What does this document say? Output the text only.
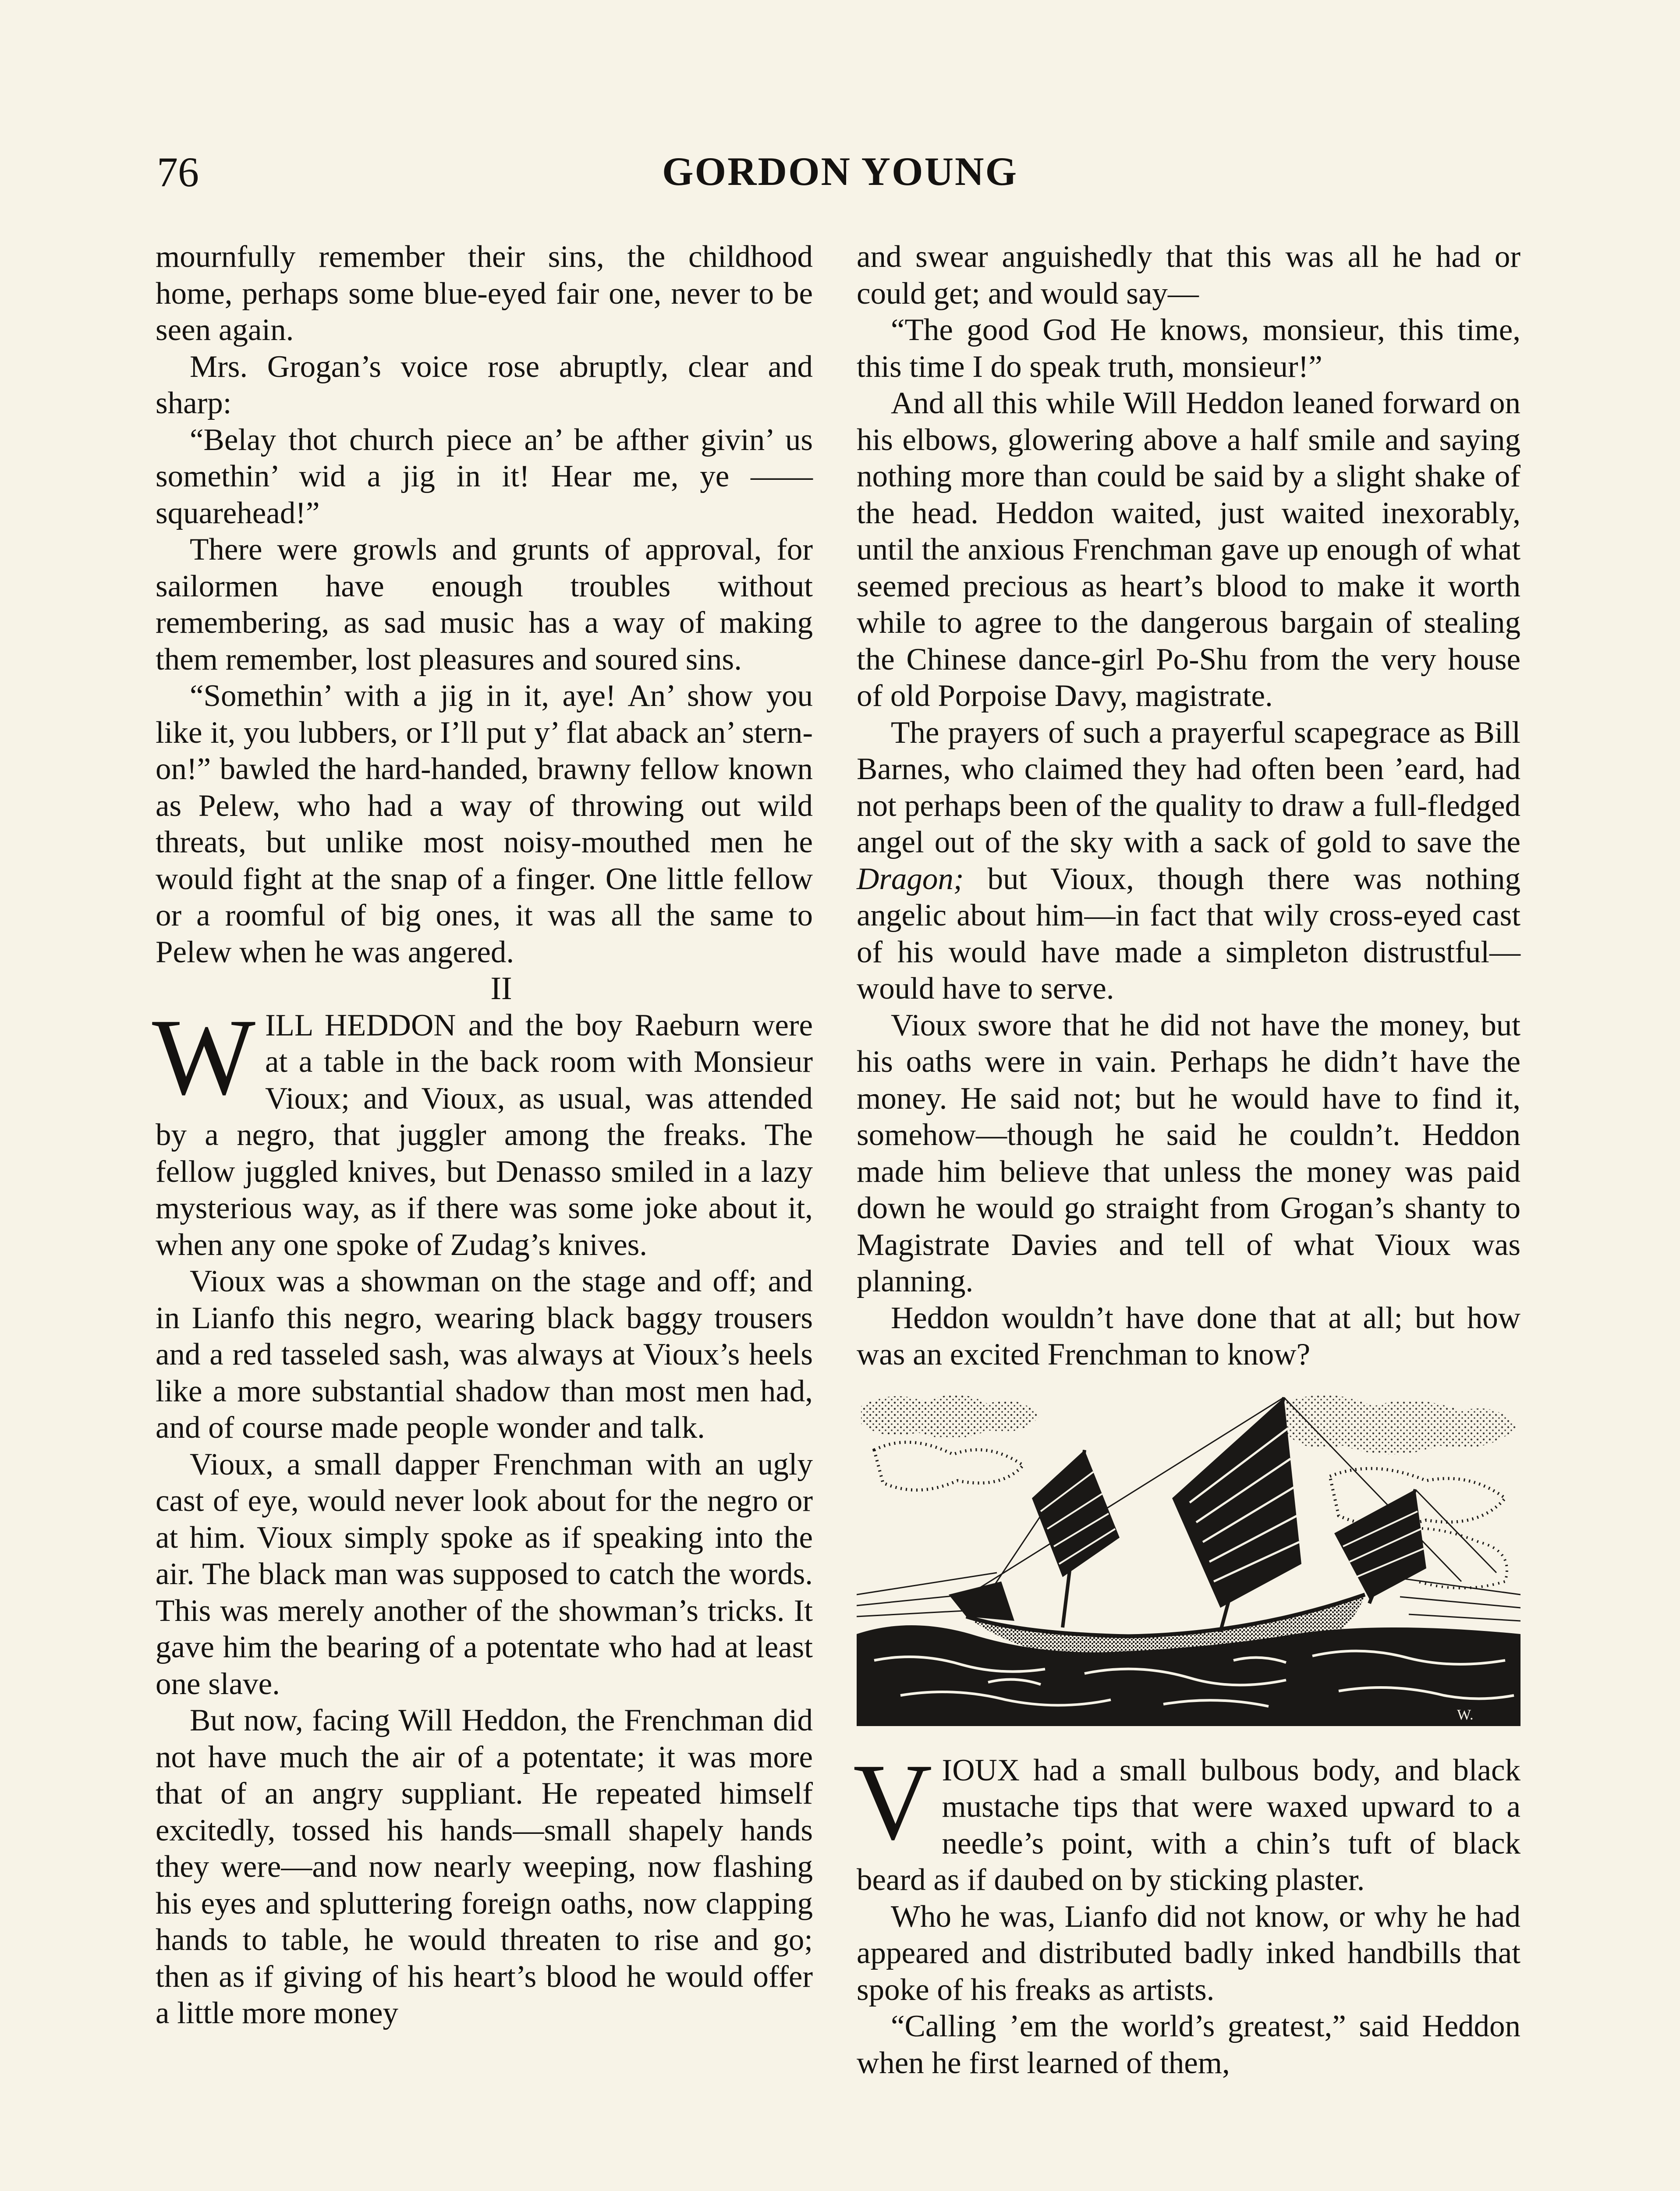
76	GORDON YOUNG

mournfully remember their sins, the childhood home, perhaps some blue-eyed fair one, never to be seen again.

Mrs. Grogan’s voice rose abruptly, clear and sharp:

“Belay thot church piece an’ be afther givin’ us somethin’ wid a jig in it! Hear me, ye —— squarehead!”

There were growls and grunts of approval, for sailormen have enough troubles without remembering, as sad music has a way of making them remember, lost pleasures and soured sins.

“Somethin’ with a jig in it, aye! An’ show you like it, you lubbers, or I’ll put y’ flat aback an’ stern-on!” bawled the hard-handed, brawny fellow known as Pelew, who had a way of throwing out wild threats, but unlike most noisy-mouthed men he would fight at the snap of a finger. One little fellow or a roomful of big ones, it was all the same to Pelew when he was angered.

II

WILL HEDDON and the boy Raeburn were at a table in the back room with Monsieur Vioux; and Vioux, as usual, was attended by a negro, that juggler among the freaks. The fellow juggled knives, but Denasso smiled in a lazy mysterious way, as if there was some joke about it, when any one spoke of Zudag’s knives.

Vioux was a showman on the stage and off; and in Lianfo this negro, wearing black baggy trousers and a red tasseled sash, was always at Vioux’s heels like a more substantial shadow than most men had, and of course made people wonder and talk.

Vioux, a small dapper Frenchman with an ugly cast of eye, would never look about for the negro or at him. Vioux simply spoke as if speaking into the air. The black man was supposed to catch the words. This was merely another of the showman’s tricks. It gave him the bearing of a potentate who had at least one slave.

But now, facing Will Heddon, the Frenchman did not have much the air of a potentate; it was more that of an angry suppliant. He repeated himself excitedly, tossed his hands—small shapely hands they were—and now nearly weeping, now flashing his eyes and spluttering foreign oaths, now clapping hands to table, he would threaten to rise and go; then as if giving of his heart’s blood he would offer a little more money

and swear anguishedly that this was all he had or could get; and would say—

“The good God He knows, monsieur, this time, this time I do speak truth, monsieur!”

And all this while Will Heddon leaned forward on his elbows, glowering above a half smile and saying nothing more than could be said by a slight shake of the head. Heddon waited, just waited inexorably, until the anxious Frenchman gave up enough of what seemed precious as heart’s blood to make it worth while to agree to the dangerous bargain of stealing the Chinese dance-girl Po-Shu from the very house of old Porpoise Davy, magistrate.

The prayers of such a prayerful scapegrace as Bill Barnes, who claimed they had often been ’eard, had not perhaps been of the quality to draw a full-fledged angel out of the sky with a sack of gold to save the Dragon; but Vioux, though there was nothing angelic about him—in fact that wily cross-eyed cast of his would have made a simpleton distrustful—would have to serve.

Vioux swore that he did not have the money, but his oaths were in vain. Perhaps he didn’t have the money. He said not; but he would have to find it, somehow—though he said he couldn’t. Heddon made him believe that unless the money was paid down he would go straight from Grogan’s shanty to Magistrate Davies and tell of what Vioux was planning.

Heddon wouldn’t have done that at all; but how was an excited Frenchman to know?

W.

VIOUX had a small bulbous body, and black mustache tips that were waxed upward to a needle’s point, with a chin’s tuft of black beard as if daubed on by sticking plaster.

Who he was, Lianfo did not know, or why he had appeared and distributed badly inked handbills that spoke of his freaks as artists.

“Calling ’em the world’s greatest,” said Heddon when he first learned of them,
